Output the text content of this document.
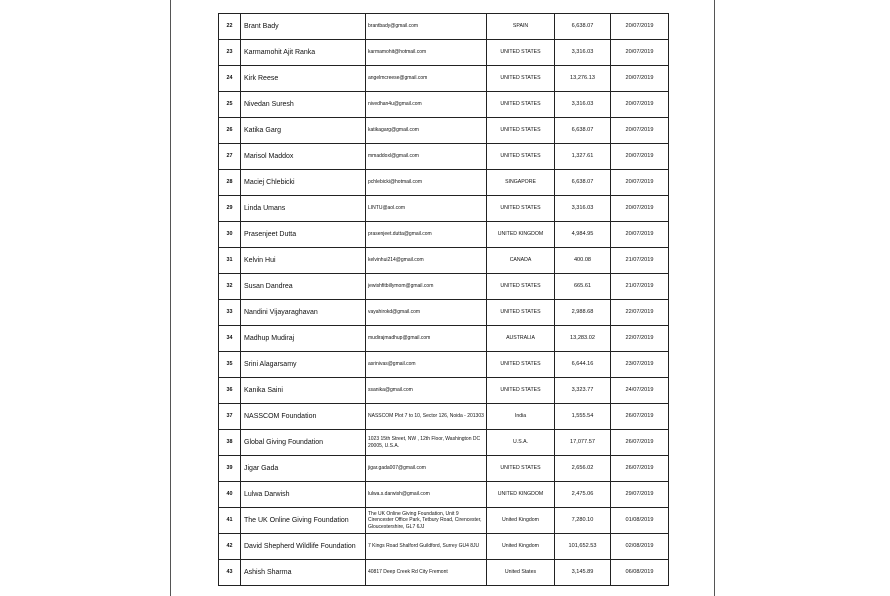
22	Brant Bady	brantbady@gmail.com	SPAIN	6,638.07	20/07/2019
23	Karmamohit Ajit Ranka	karmamohit@hotmail.com	UNITED STATES	3,316.03	20/07/2019
24	Kirk Reese	angelmcreese@gmail.com	UNITED STATES	13,276.13	20/07/2019
25	Nivedan Suresh	nivedhan4u@gmail.com	UNITED STATES	3,316.03	20/07/2019
26	Katika Garg	katikagarg@gmail.com	UNITED STATES	6,638.07	20/07/2019
27	Marisol Maddox	mmaddoxl@gmail.com	UNITED STATES	1,327.61	20/07/2019
28	Maciej Chlebicki	pchlebicki@hotmail.com	SINGAPORE	6,638.07	20/07/2019
29	Linda Umans	LINTU@aol.com	UNITED STATES	3,316.03	20/07/2019
30	Prasenjeet Dutta	prasenjeet.dutta@gmail.com	UNITED KINGDOM	4,984.95	20/07/2019
31	Kelvin Hui	kelvinhui214@gmail.com	CANADA	400.08	21/07/2019
32	Susan Dandrea	jewishfitbillymom@gmail.com	UNITED STATES	665.61	21/07/2019
33	Nandini Vijayaraghavan	vayahirokd@gmail.com	UNITED STATES	2,988.68	22/07/2019
34	Madhup Mudiraj	mudirajmadhup@gmail.com	AUSTRALIA	13,283.02	22/07/2019
35	Srini Alagarsamy	asrinivas@gmail.com	UNITED STATES	6,644.16	23/07/2019
36	Kanika Saini	ssanika@gmail.com	UNITED STATES	3,323.77	24/07/2019
37	NASSCOM Foundation	NASSCOM Plot 7 to 10, Sector 126, Noida - 201303	India	1,555.54	26/07/2019
38	Global Giving Foundation	1023 15th Street, NW , 12th Floor, Washington DC 20005, U.S.A.	U.S.A.	17,077.57	26/07/2019
39	Jigar Gada	jigar.gada007@gmail.com	UNITED STATES	2,656.02	26/07/2019
40	Lulwa Darwish	lulwa.s.darwish@gmail.com	UNITED KINGDOM	2,475.06	29/07/2019
41	The UK Online Giving Foundation	The UK Online Giving Foundation, Unit 9 Cirencester Office Park, Tetbury Road, Cirencester, Gloucestershire, GL7 6JJ	United Kingdom	7,280.10	01/08/2019
42	David Shepherd Wildlife Foundation	7 Kings Road Shalford Guildford, Surrey GU4 8JU	United Kingdom	101,652.53	02/08/2019
43	Ashish Sharma	40817 Deep Creek Rd City Fremont	United States	3,145.89	06/08/2019
